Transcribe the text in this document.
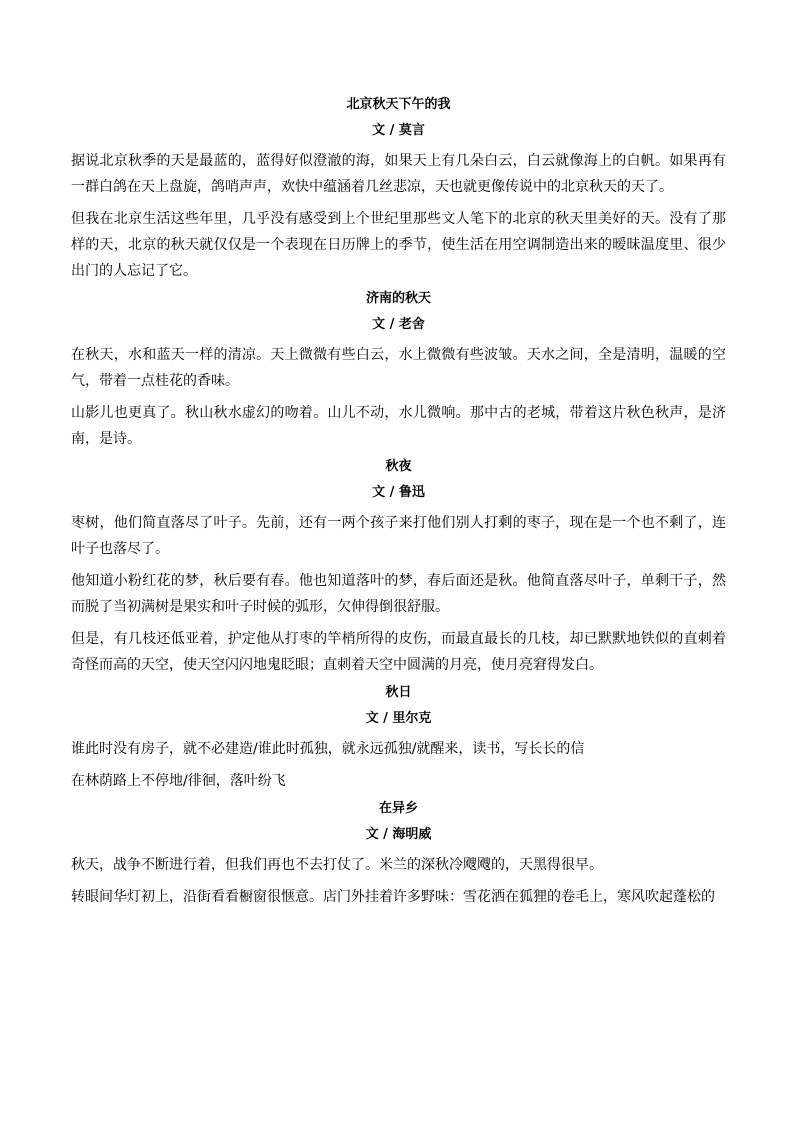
北京秋天下午的我

文 / 莫言

据说北京秋季的天是最蓝的，蓝得好似澄澈的海，如果天上有几朵白云，白云就像海上的白帆。如果再有一群白鸽在天上盘旋，鸽哨声声，欢快中蕴涵着几丝悲凉，天也就更像传说中的北京秋天的天了。

但我在北京生活这些年里，几乎没有感受到上个世纪里那些文人笔下的北京的秋天里美好的天。没有了那样的天，北京的秋天就仅仅是一个表现在日历牌上的季节，使生活在用空调制造出来的暧昧温度里、很少出门的人忘记了它。

济南的秋天

文 / 老舍

在秋天，水和蓝天一样的清凉。天上微微有些白云，水上微微有些波皱。天水之间，全是清明，温暖的空气，带着一点桂花的香味。

山影儿也更真了。秋山秋水虚幻的吻着。山儿不动，水儿微响。那中古的老城，带着这片秋色秋声，是济南，是诗。

秋夜

文 / 鲁迅

枣树，他们简直落尽了叶子。先前，还有一两个孩子来打他们别人打剩的枣子，现在是一个也不剩了，连叶子也落尽了。

他知道小粉红花的梦，秋后要有春。他也知道落叶的梦，春后面还是秋。他简直落尽叶子，单剩干子，然而脱了当初满树是果实和叶子时候的弧形，欠伸得倒很舒服。

但是，有几枝还低亚着，护定他从打枣的竿梢所得的皮伤，而最直最长的几枝，却已默默地铁似的直刺着奇怪而高的天空，使天空闪闪地鬼眨眼；直刺着天空中圆满的月亮，使月亮窘得发白。

秋日

文 / 里尔克

谁此时没有房子，就不必建造/谁此时孤独，就永远孤独/就醒来，读书，写长长的信

在林荫路上不停地/徘徊，落叶纷飞

在异乡

文 / 海明威

秋天，战争不断进行着，但我们再也不去打仗了。米兰的深秋冷飕飕的，天黑得很早。

转眼间华灯初上，沿街看看橱窗很惬意。店门外挂着许多野味：雪花洒在狐狸的卷毛上，寒风吹起蓬松的
